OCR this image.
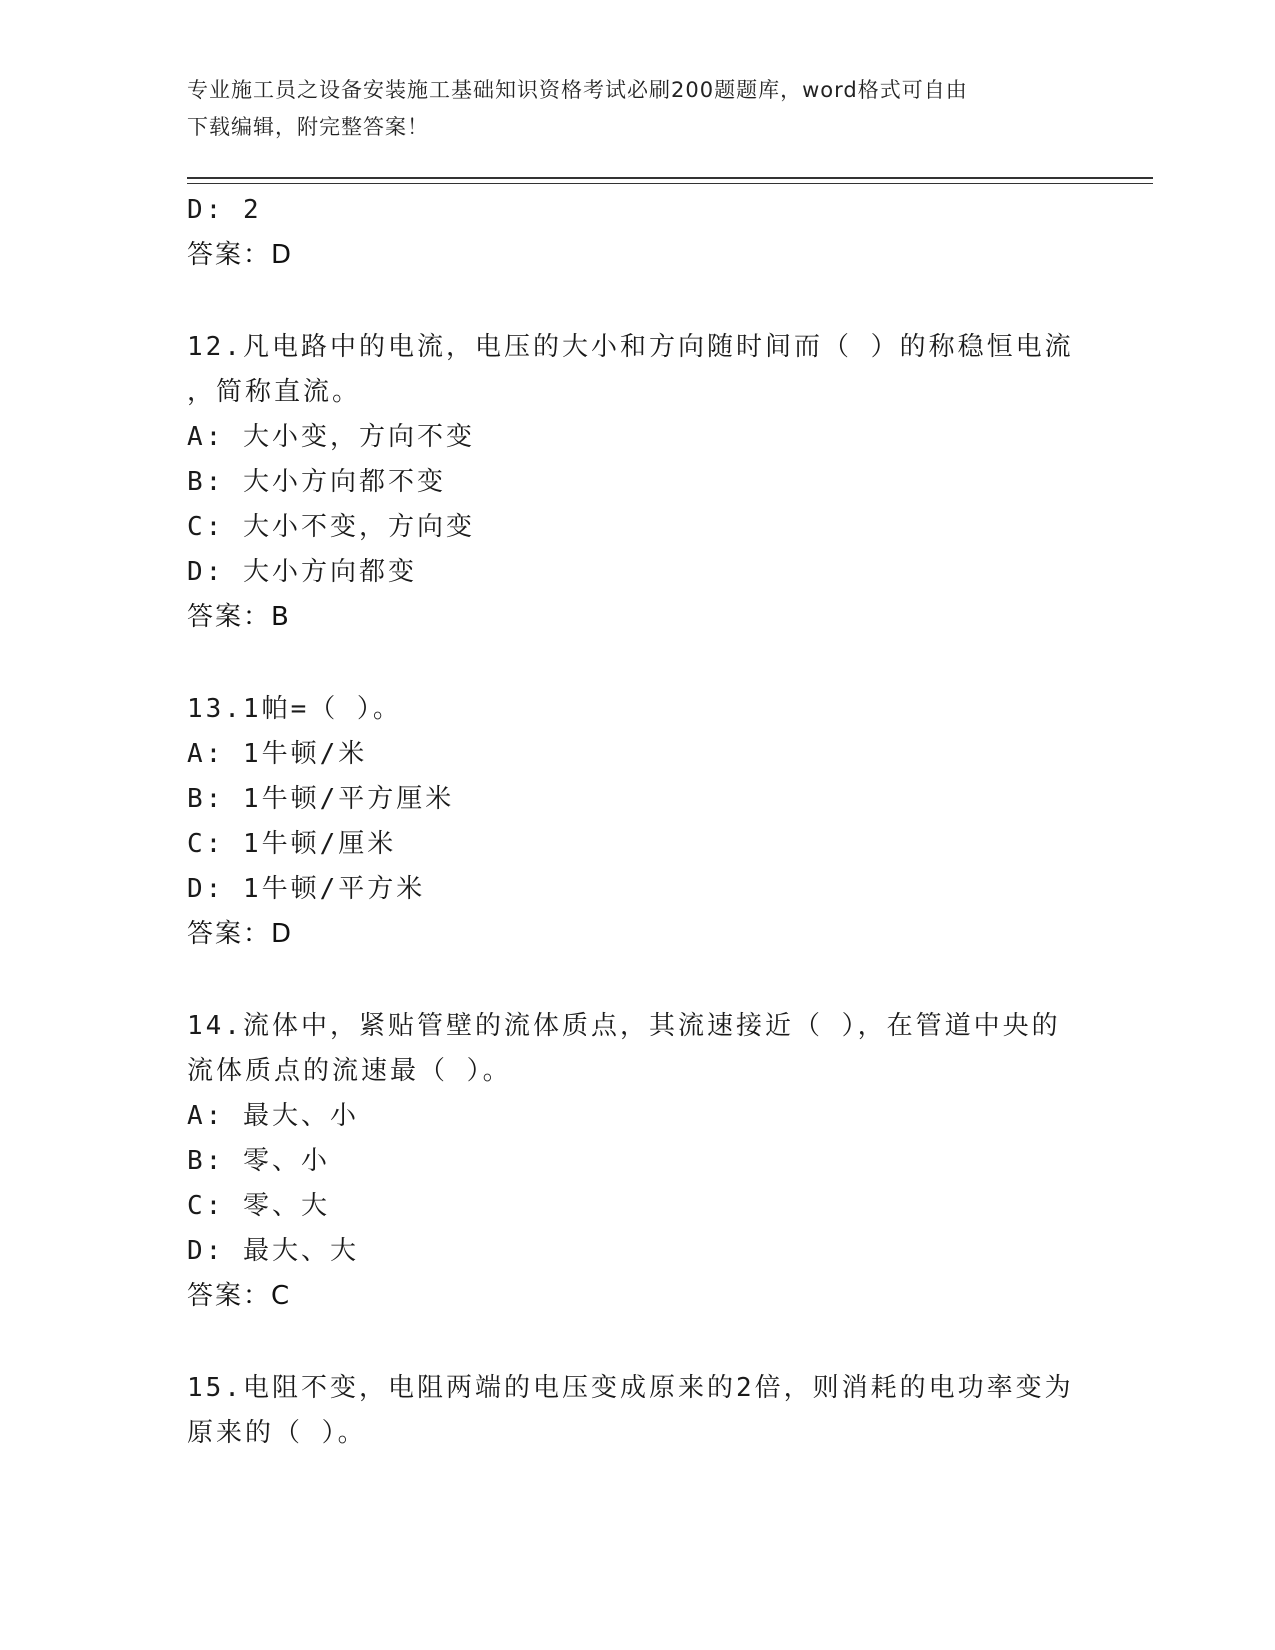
专业施工员之设备安装施工基础知识资格考试必刷200题题库，word格式可自由
下载编辑，附完整答案！
D: 2
答案：D
12.凡电路中的电流，电压的大小和方向随时间而（ ）的称稳恒电流
，简称直流。
A: 大小变，方向不变
B: 大小方向都不变
C: 大小不变，方向变
D: 大小方向都变
答案：B
13.1帕=（ ）。
A: 1牛顿/米
B: 1牛顿/平方厘米
C: 1牛顿/厘米
D: 1牛顿/平方米
答案：D
14.流体中，紧贴管壁的流体质点，其流速接近（ ），在管道中央的
流体质点的流速最（ ）。
A: 最大、小
B: 零、小
C: 零、大
D: 最大、大
答案：C
15.电阻不变，电阻两端的电压变成原来的2倍，则消耗的电功率变为
原来的（ ）。
